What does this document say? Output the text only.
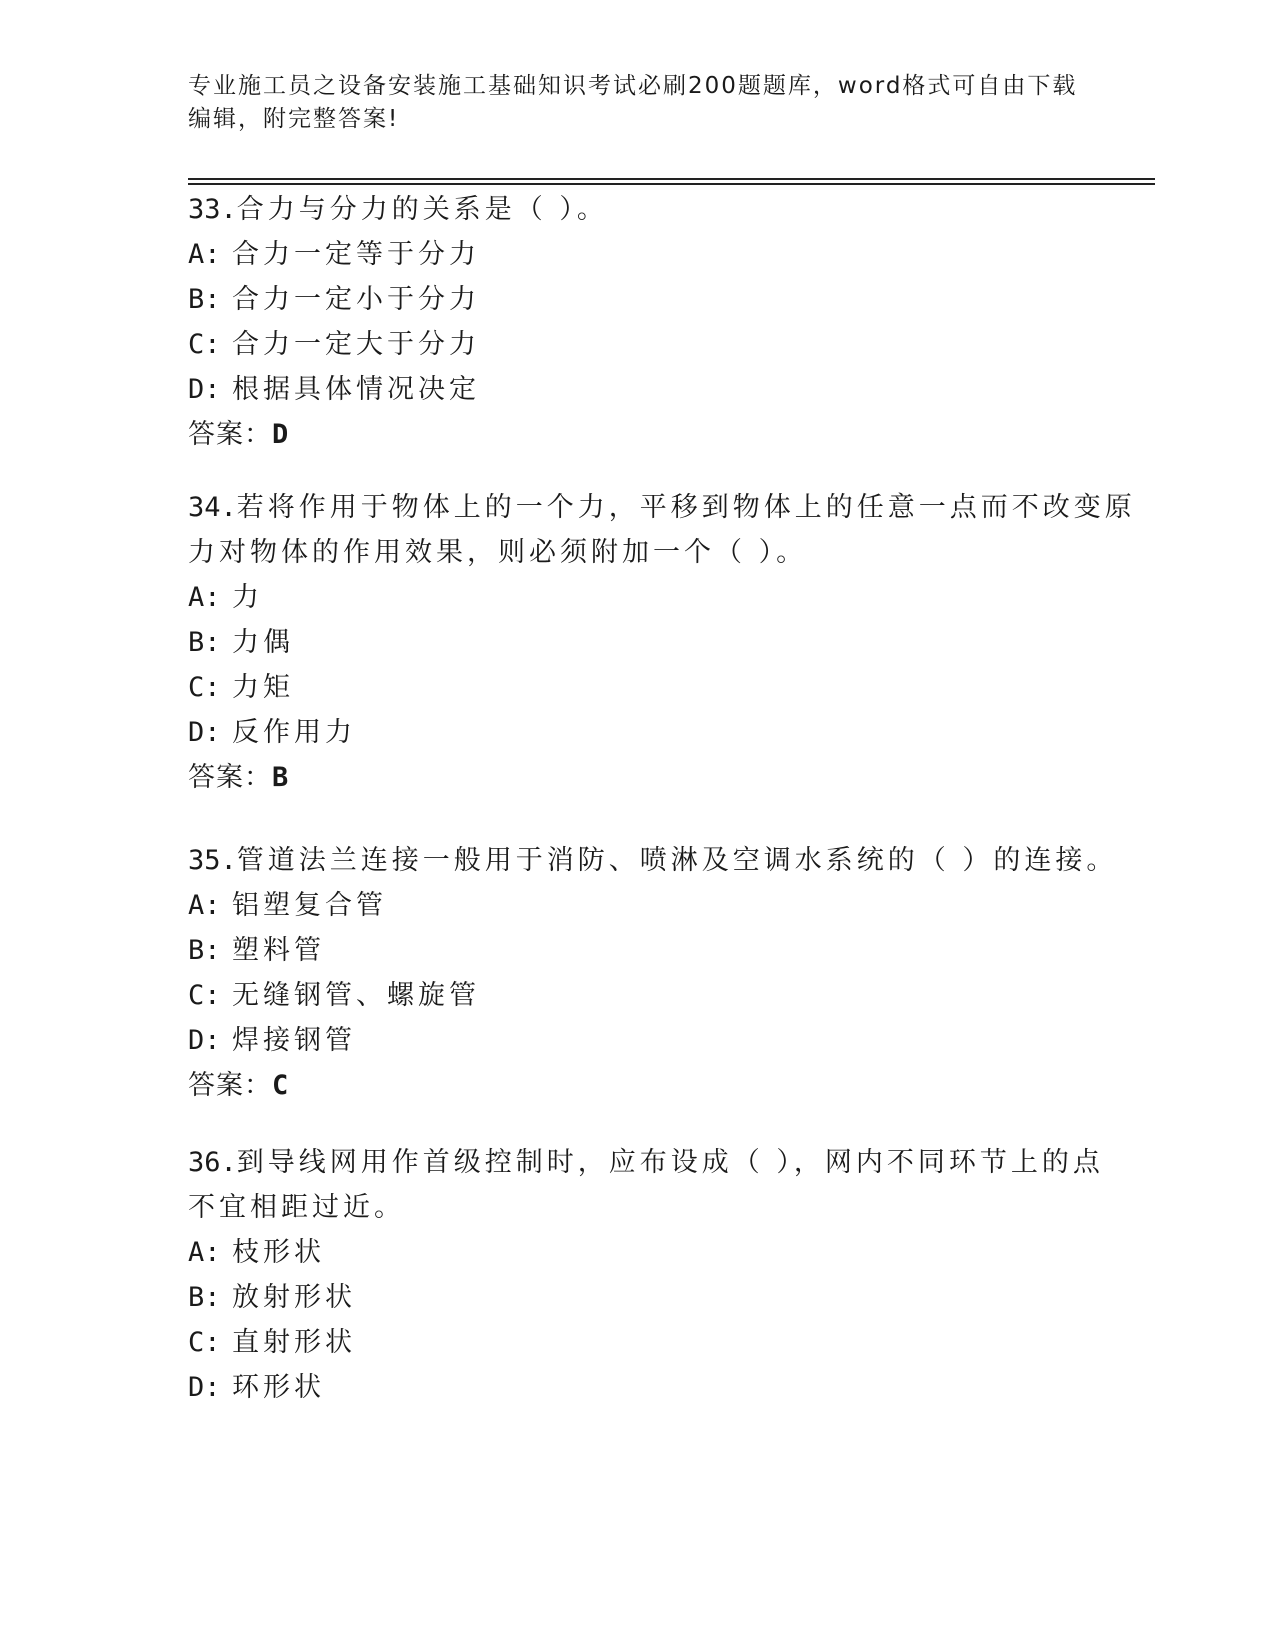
专业施工员之设备安装施工基础知识考试必刷200题题库，word格式可自由下载
编辑，附完整答案!
33.合力与分力的关系是（ ）。
A: 合力一定等于分力
B: 合力一定小于分力
C: 合力一定大于分力
D: 根据具体情况决定
答案：D
34.若将作用于物体上的一个力，平移到物体上的任意一点而不改变原
力对物体的作用效果，则必须附加一个（ ）。
A: 力
B: 力偶
C: 力矩
D: 反作用力
答案：B
35.管道法兰连接一般用于消防、喷淋及空调水系统的（ ）的连接。
A: 铝塑复合管
B: 塑料管
C: 无缝钢管、螺旋管
D: 焊接钢管
答案：C
36.到导线网用作首级控制时，应布设成（ ），网内不同环节上的点
不宜相距过近。
A: 枝形状
B: 放射形状
C: 直射形状
D: 环形状
